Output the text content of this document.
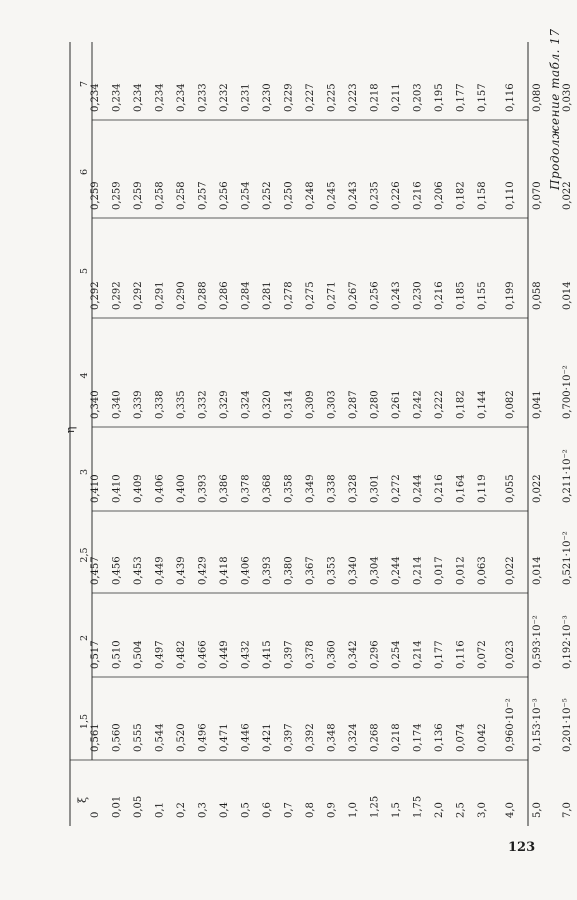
ξ
η
1,5
2
2,5
3
4
5
6
7
0
0,561
0,517
0,457
0,410
0,340
0,292
0,259
0,234
0,01
0,560
0,510
0,456
0,410
0,340
0,292
0,259
0,234
0,05
0,555
0,504
0,453
0,409
0,339
0,292
0,259
0,234
0,1
0,544
0,497
0,449
0,406
0,338
0,291
0,258
0,234
0,2
0,520
0,482
0,439
0,400
0,335
0,290
0,258
0,234
0,3
0,496
0,466
0,429
0,393
0,332
0,288
0,257
0,233
0,4
0,471
0,449
0,418
0,386
0,329
0,286
0,256
0,232
0,5
0,446
0,432
0,406
0,378
0,324
0,284
0,254
0,231
0,6
0,421
0,415
0,393
0,368
0,320
0,281
0,252
0,230
0,7
0,397
0,397
0,380
0,358
0,314
0,278
0,250
0,229
0,8
0,392
0,378
0,367
0,349
0,309
0,275
0,248
0,227
0,9
0,348
0,360
0,353
0,338
0,303
0,271
0,245
0,225
1,0
0,324
0,342
0,340
0,328
0,287
0,267
0,243
0,223
1,25
0,268
0,296
0,304
0,301
0,280
0,256
0,235
0,218
1,5
0,218
0,254
0,244
0,272
0,261
0,243
0,226
0,211
1,75
0,174
0,214
0,214
0,244
0,242
0,230
0,216
0,203
2,0
0,136
0,177
0,017
0,216
0,222
0,216
0,206
0,195
2,5
0,074
0,116
0,012
0,164
0,182
0,185
0,182
0,177
3,0
0,042
0,072
0,063
0,119
0,144
0,155
0,158
0,157
4,0
0,960·10⁻²
0,023
0,022
0,055
0,082
0,199
0,110
0,116
5,0
0,153·10⁻³
0,593·10⁻²
0,014
0,022
0,041
0,058
0,070
0,080
7,0
0,201·10⁻⁵
0,192·10⁻³
0,521·10⁻²
0,211·10⁻²
0,700·10⁻²
0,014
0,022
0,030
Продолжение табл. 17
123
